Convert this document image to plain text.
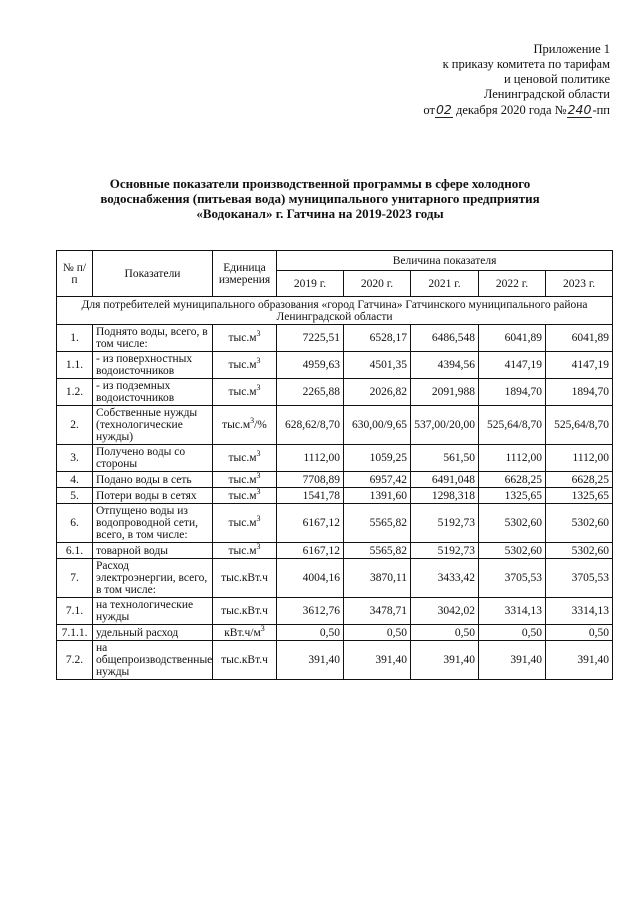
Приложение 1
к приказу комитета по тарифам
и ценовой политике
Ленинградской области
от02 декабря 2020 года №240-пп
Основные показатели производственной программы в сфере холодного
водоснабжения (питьевая вода) муниципального унитарного предприятия
«Водоканал» г. Гатчина на 2019-2023 годы
№ п/п	Показатели	Единица измерения	Величина показателя				
			2019 г.	2020 г.	2021 г.	2022 г.	2023 г.
Для потребителей муниципального образования «город Гатчина» Гатчинского муниципального района Ленинградской области							
1.	Поднято воды, всего, в том числе:	$тыс.м^3$	7225,51	6528,17	6486,548	6041,89	6041,89
1.1.	- из поверхностных водоисточников	$тыс.м^3$	4959,63	4501,35	4394,56	4147,19	4147,19
1.2.	- из подземных водоисточников	$тыс.м^3$	2265,88	2026,82	2091,988	1894,70	1894,70
2.	Собственные нужды (технологические нужды)	$тыс.м^3/\%$	628,62/8,70	630,00/9,65	537,00/20,00	525,64/8,70	525,64/8,70
3.	Получено воды со стороны	$тыс.м^3$	1112,00	1059,25	561,50	1112,00	1112,00
4.	Подано воды в сеть	$тыс.м^3$	7708,89	6957,42	6491,048	6628,25	6628,25
5.	Потери воды в сетях	$тыс.м^3$	1541,78	1391,60	1298,318	1325,65	1325,65
6.	Отпущено воды из водопроводной сети, всего, в том числе:	$тыс.м^3$	6167,12	5565,82	5192,73	5302,60	5302,60
6.1.	товарной воды	$тыс.м^3$	6167,12	5565,82	5192,73	5302,60	5302,60
7.	Расход электроэнергии, всего, в том числе:	тыс.кВт.ч	4004,16	3870,11	3433,42	3705,53	3705,53
7.1.	на технологические нужды	тыс.кВт.ч	3612,76	3478,71	3042,02	3314,13	3314,13
7.1.1.	удельный расход	$кВт.ч/м^3$	0,50	0,50	0,50	0,50	0,50
7.2.	на общепроизводственные нужды	тыс.кВт.ч	391,40	391,40	391,40	391,40	391,40
